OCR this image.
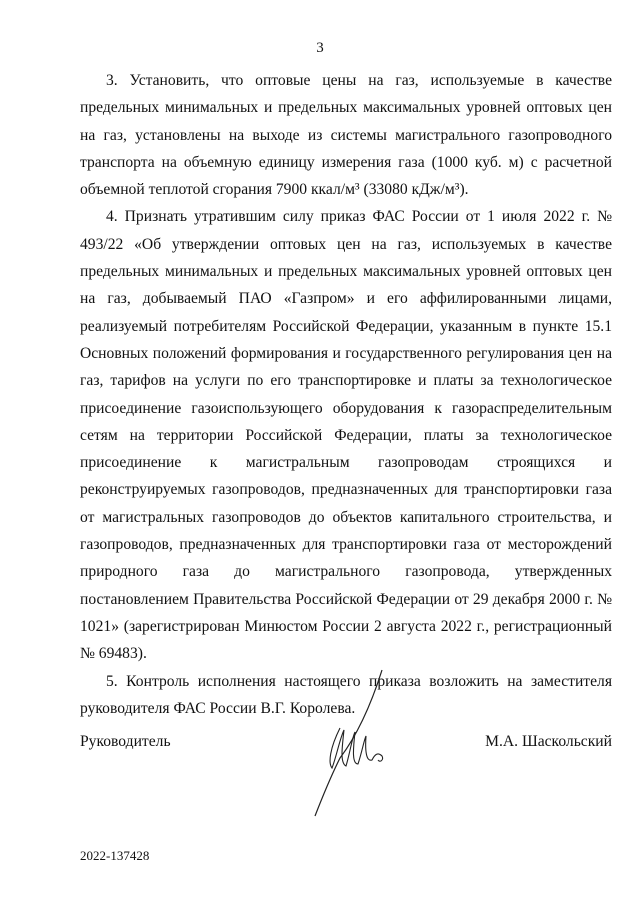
3

3. Установить, что оптовые цены на газ, используемые в качестве предельных минимальных и предельных максимальных уровней оптовых цен на газ, установлены на выходе из системы магистрального газопроводного транспорта на объемную единицу измерения газа (1000 куб. м) с расчетной объемной теплотой сгорания 7900 ккал/м³ (33080 кДж/м³).

4. Признать утратившим силу приказ ФАС России от 1 июля 2022 г. № 493/22 «Об утверждении оптовых цен на газ, используемых в качестве предельных минимальных и предельных максимальных уровней оптовых цен на газ, добываемый ПАО «Газпром» и его аффилированными лицами, реализуемый потребителям Российской Федерации, указанным в пункте 15.1 Основных положений формирования и государственного регулирования цен на газ, тарифов на услуги по его транспортировке и платы за технологическое присоединение газоиспользующего оборудования к газораспределительным сетям на территории Российской Федерации, платы за технологическое присоединение к магистральным газопроводам строящихся и реконструируемых газопроводов, предназначенных для транспортировки газа от магистральных газопроводов до объектов капитального строительства, и газопроводов, предназначенных для транспортировки газа от месторождений природного газа до магистрального газопровода, утвержденных постановлением Правительства Российской Федерации от 29 декабря 2000 г. № 1021» (зарегистрирован Минюстом России 2 августа 2022 г., регистрационный № 69483).

5. Контроль исполнения настоящего приказа возложить на заместителя руководителя ФАС России В.Г. Королева.

Руководитель	М.А. Шаскольский
2022-137428
